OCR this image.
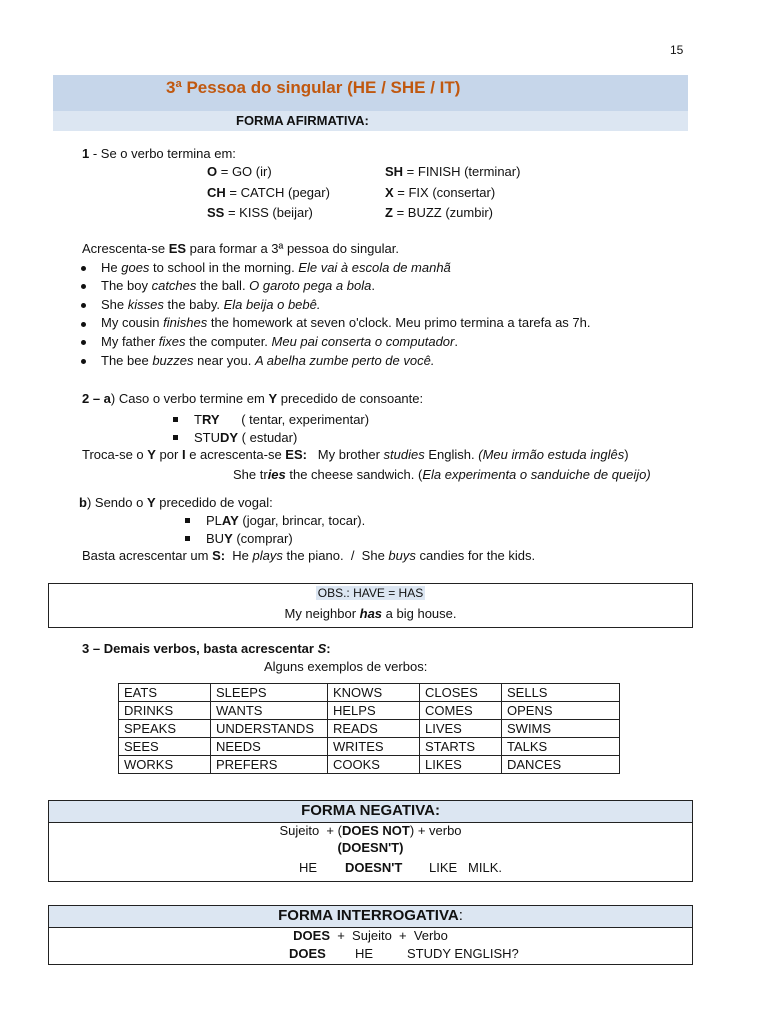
15
3ª Pessoa do singular (HE / SHE / IT)
FORMA AFIRMATIVA:
1 - Se o verbo termina em:
O = GO (ir)	SH = FINISH (terminar)
CH = CATCH (pegar)	X = FIX (consertar)
SS = KISS (beijar)	Z = BUZZ (zumbir)
Acrescenta-se ES para formar a 3ª pessoa do singular.
He goes to school in the morning. Ele vai à escola de manhã
The boy catches the ball. O garoto pega a bola.
She kisses the baby. Ela beija o bebê.
My cousin finishes the homework at seven o'clock. Meu primo termina a tarefa as 7h.
My father fixes the computer. Meu pai conserta o computador.
The bee buzzes near you. A abelha zumbe perto de você.
2 – a) Caso o verbo termine em Y precedido de consoante:
TRY      ( tentar, experimentar)
STUDY ( estudar)
Troca-se o Y por I e acrescenta-se ES:   My brother studies English. (Meu irmão estuda inglês)
She tries the cheese sandwich. (Ela experimenta o sanduiche de queijo)
b) Sendo o Y precedido de vogal:
PLAY (jogar, brincar, tocar).
BUY (comprar)
Basta acrescentar um S:  He plays the piano.  /  She buys candies for the kids.
OBS.: HAVE = HAS
My neighbor has a big house.
3 – Demais verbos, basta acrescentar S:
Alguns exemplos de verbos:
EATS	SLEEPS	KNOWS	CLOSES	SELLS
DRINKS	WANTS	HELPS	COMES	OPENS
SPEAKS	UNDERSTANDS	READS	LIVES	SWIMS
SEES	NEEDS	WRITES	STARTS	TALKS
WORKS	PREFERS	COOKS	LIKES	DANCES
FORMA NEGATIVA:
Sujeito  + (DOES NOT) + verbo
(DOESN'T)
HE DOESN'T LIKE   MILK.
FORMA INTERROGATIVA:
DOES  +  Sujeito  +  Verbo
DOES HE	STUDY ENGLISH?
